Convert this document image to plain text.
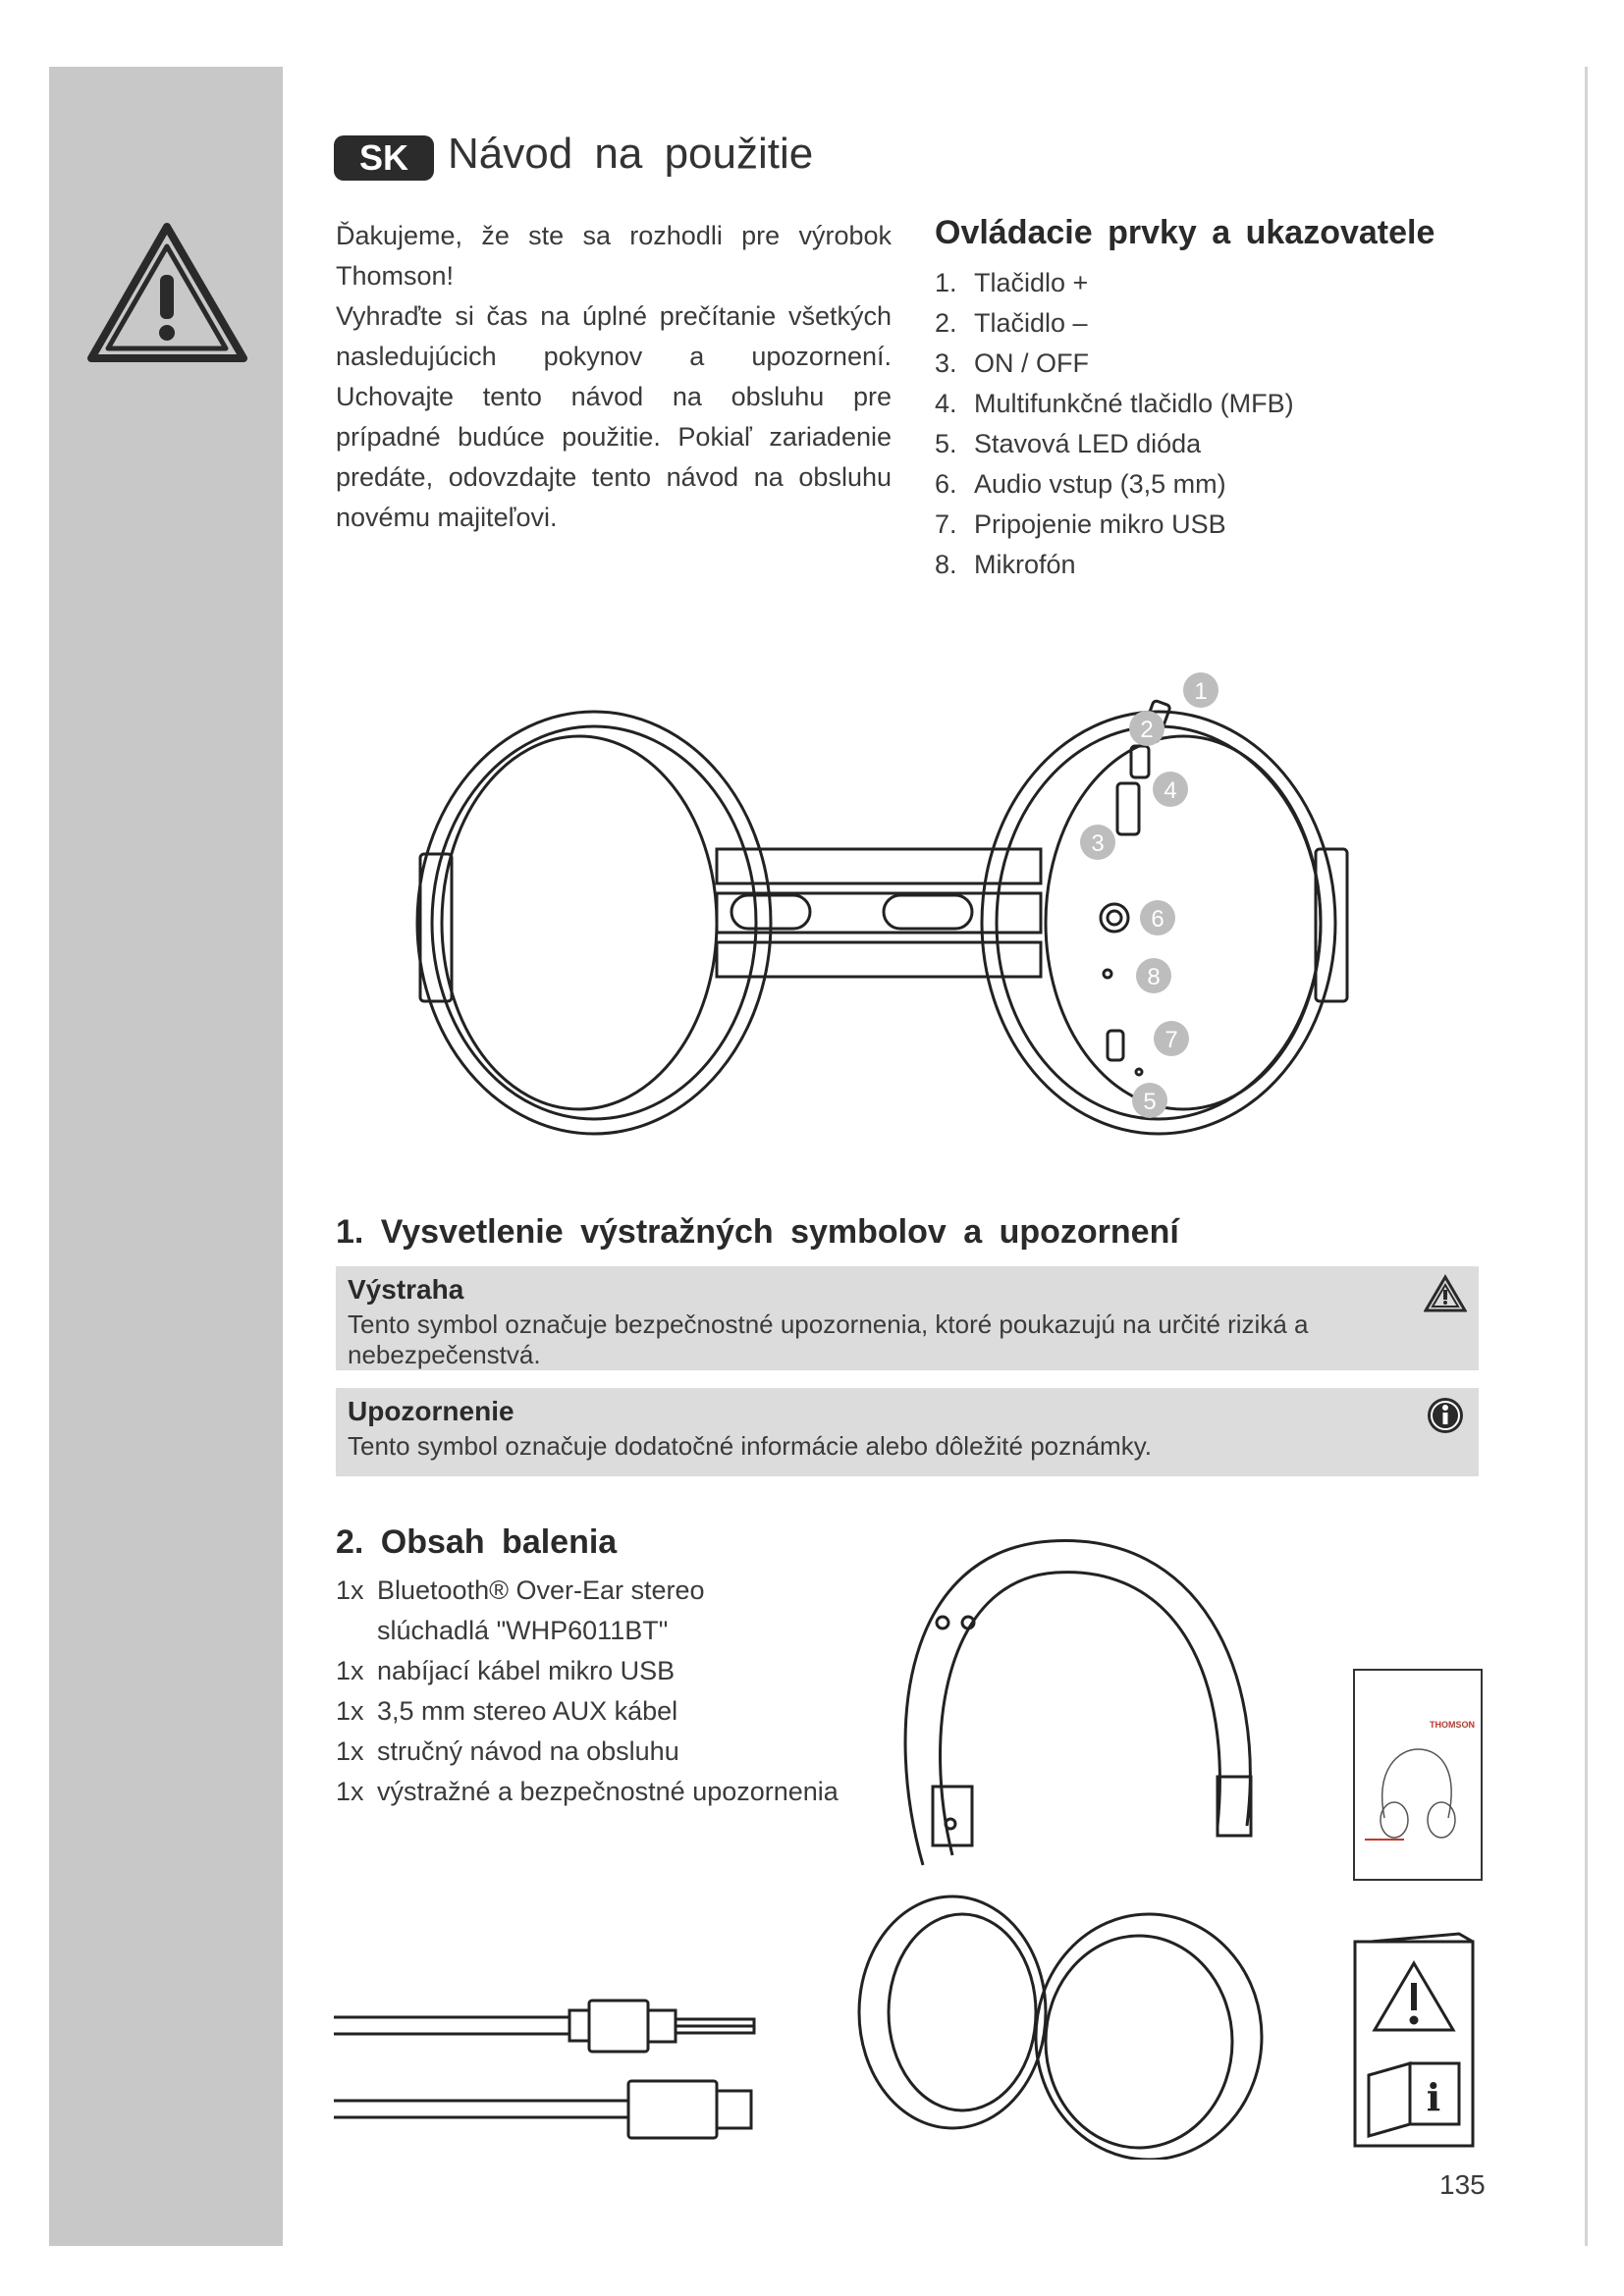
SK Návod na použitie

Ďakujeme, že ste sa rozhodli pre výrobok Thomson!

Vyhraďte si čas na úplné prečítanie všetkých nasledujúcich pokynov a upozornení. Uchovajte tento návod na obsluhu pre prípadné budúce použitie. Pokiaľ zariadenie predáte, odovzdajte tento návod na obsluhu novému majiteľovi.

Ovládacie prvky a ukazovatele
1. Tlačidlo +
2. Tlačidlo –
3. ON / OFF
4. Multifunkčné tlačidlo (MFB)
5. Stavová LED dióda
6. Audio vstup (3,5 mm)
7. Pripojenie mikro USB
8. Mikrofón
1
2
3
4
5
6
7
8
1. Vysvetlenie výstražných symbolov a upozornení
Výstraha
Tento symbol označuje bezpečnostné upozornenia, ktoré poukazujú na určité riziká a nebezpečenstvá.
Upozornenie
Tento symbol označuje dodatočné informácie alebo dôležité poznámky.
2. Obsah balenia
1x Bluetooth® Over-Ear stereo slúchadlá "WHP6011BT"
1x nabíjací kábel mikro USB
1x 3,5 mm stereo AUX kábel
1x stručný návod na obsluhu
1x výstražné a bezpečnostné upozornenia
THOMSON
i
135
